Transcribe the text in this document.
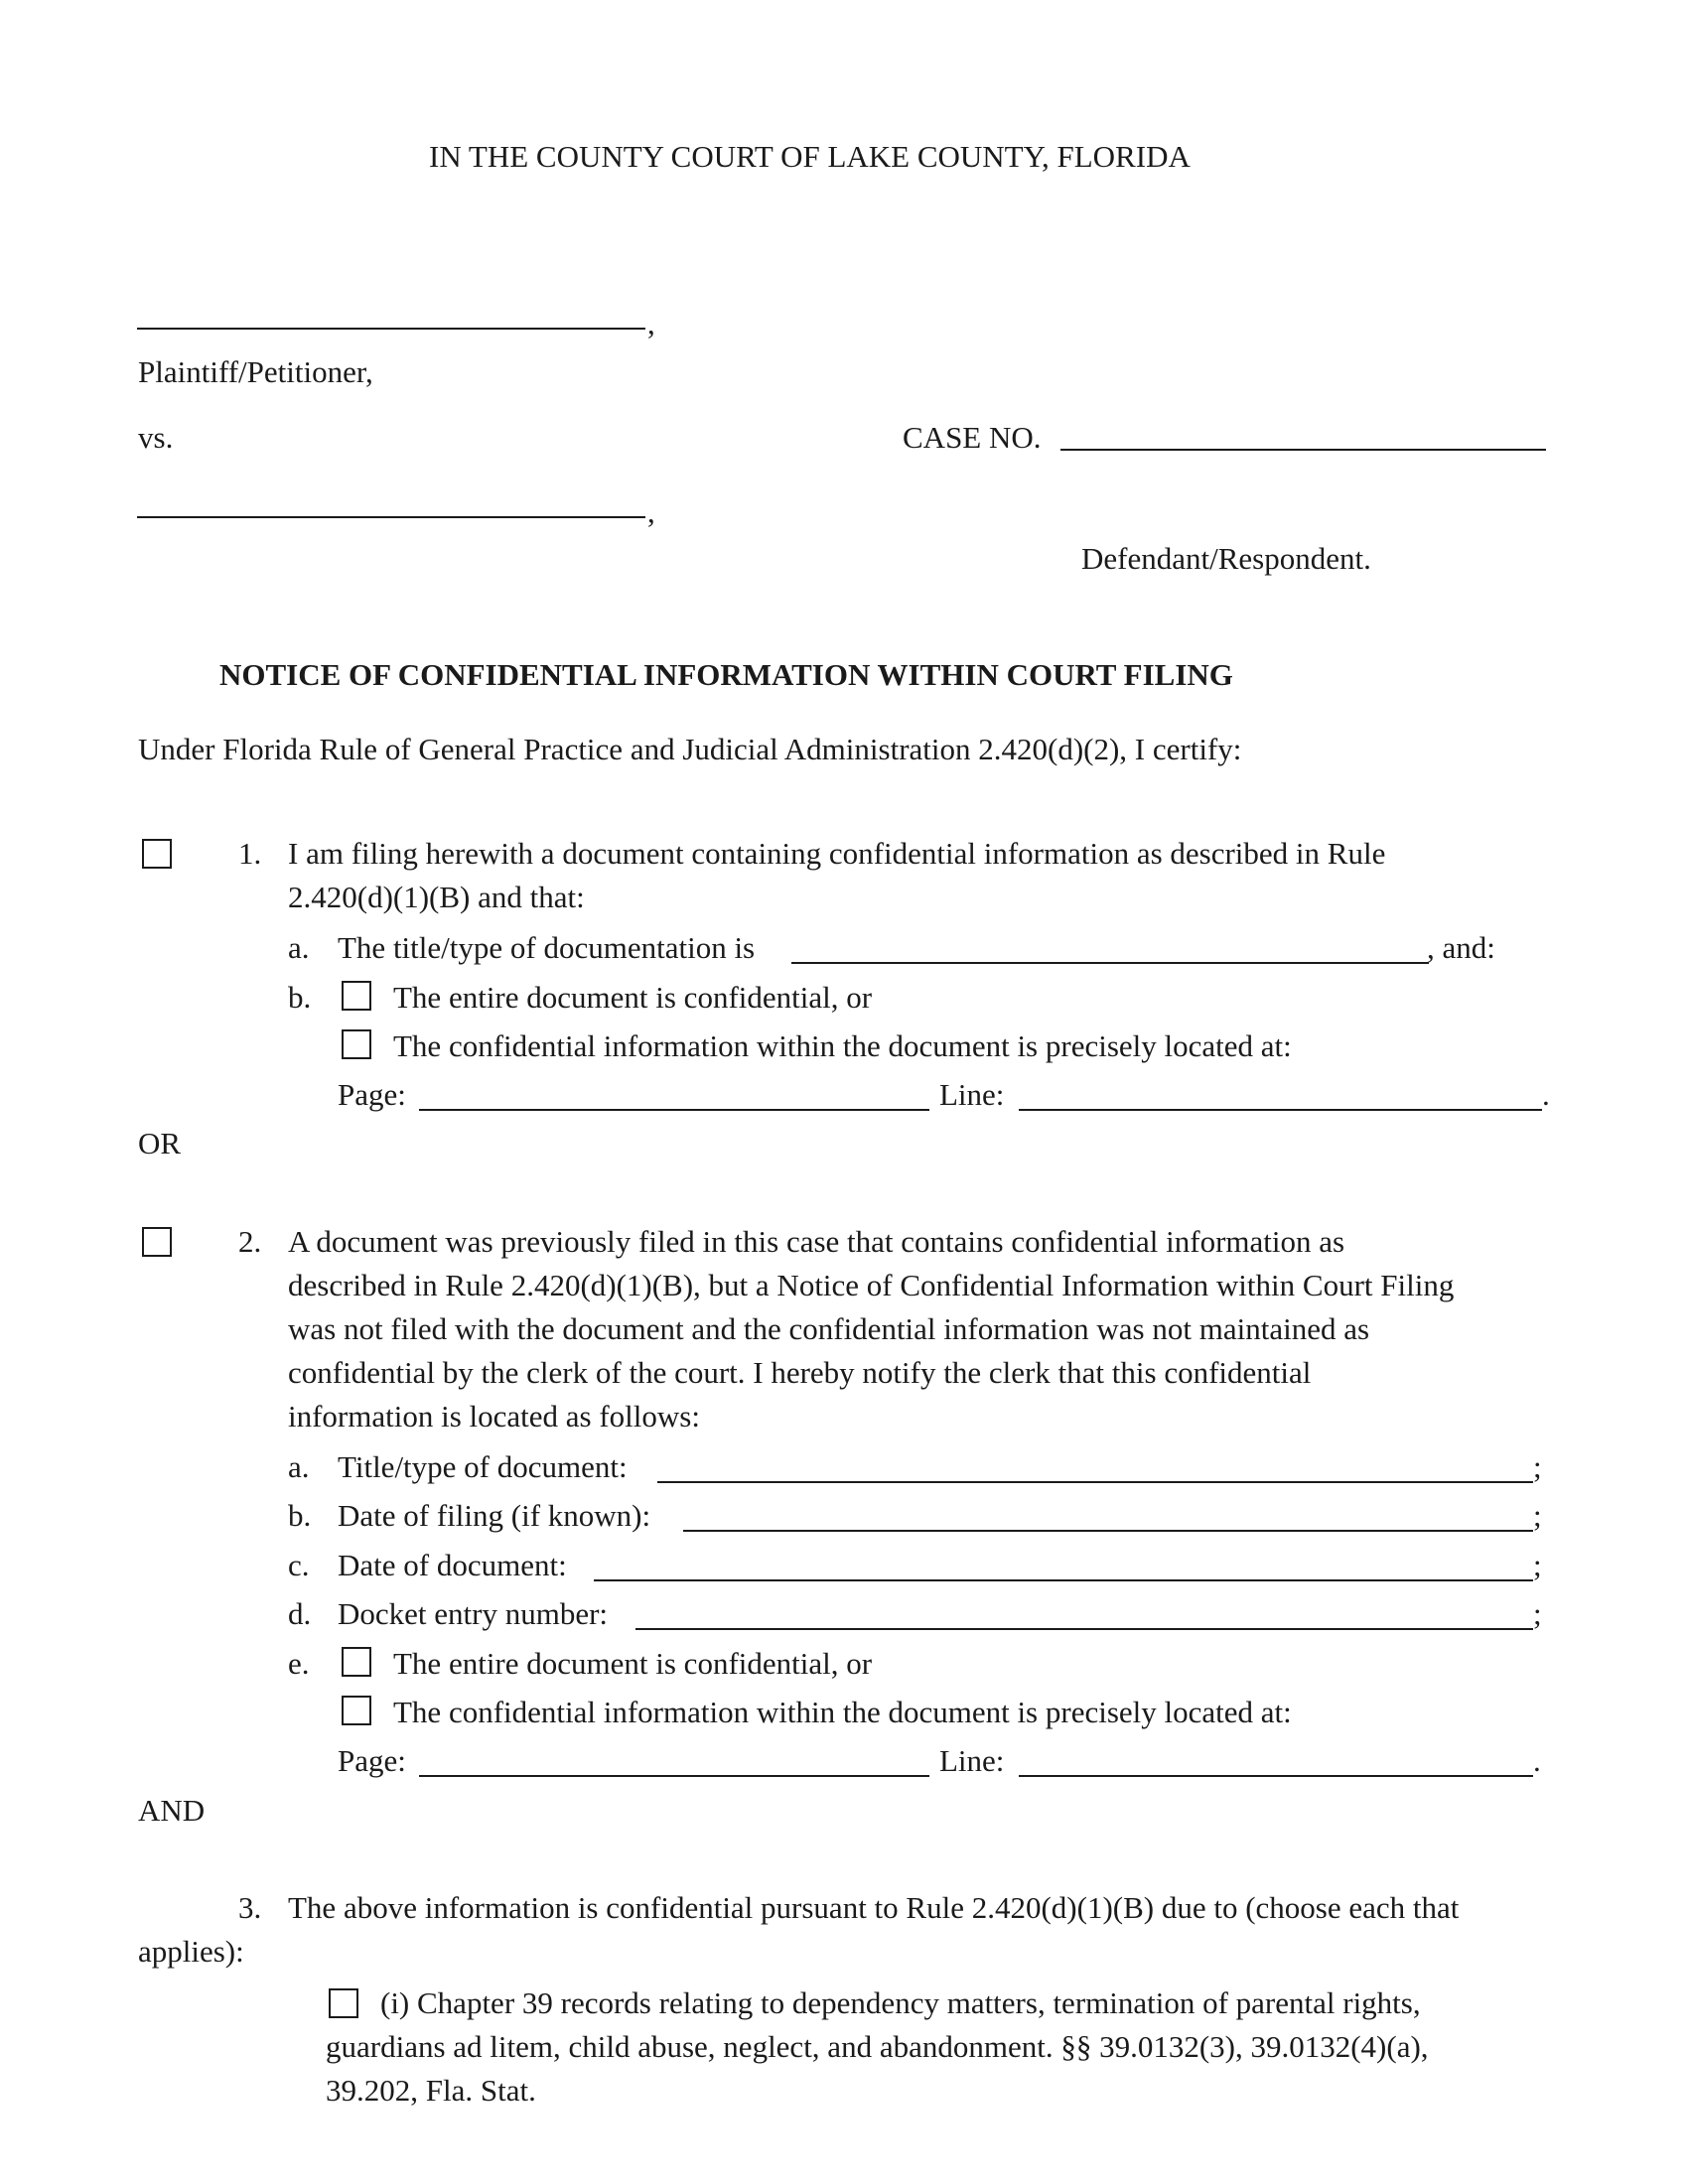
IN THE COUNTY COURT OF LAKE COUNTY, FLORIDA
,
Plaintiff/Petitioner,
vs.	CASE NO.
,
Defendant/Respondent.
NOTICE OF CONFIDENTIAL INFORMATION WITHIN COURT FILING
Under Florida Rule of General Practice and Judicial Administration 2.420(d)(2), I certify:
1. I am filing herewith a document containing confidential information as described in Rule
2.420(d)(1)(B) and that:
a. The title/type of documentation is	, and:
b.	The entire document is confidential, or
The confidential information within the document is precisely located at:
Page:	Line:	.
OR
2. A document was previously filed in this case that contains confidential information as
described in Rule 2.420(d)(1)(B), but a Notice of Confidential Information within Court Filing
was not filed with the document and the confidential information was not maintained as
confidential by the clerk of the court. I hereby notify the clerk that this confidential
information is located as follows:
a. Title/type of document:	;
b. Date of filing (if known):	;
c. Date of document:	;
d. Docket entry number:	;
e.	The entire document is confidential, or
The confidential information within the document is precisely located at:
Page:	Line:	.
AND
3. The above information is confidential pursuant to Rule 2.420(d)(1)(B) due to (choose each that
applies):
(i) Chapter 39 records relating to dependency matters, termination of parental rights,
guardians ad litem, child abuse, neglect, and abandonment. §§ 39.0132(3), 39.0132(4)(a),
39.202, Fla. Stat.
